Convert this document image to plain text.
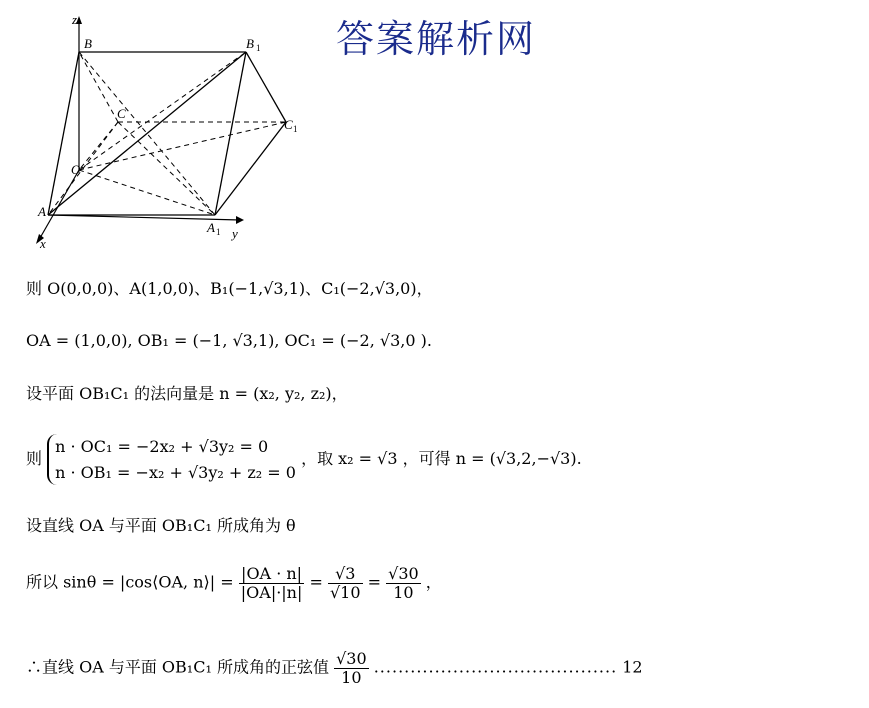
答案解析网
z
B	B 1
C
C 1
O
A
A 1
x
y
则 O(0,0,0)、A(1,0,0)、B₁(−1,√3,1)、C₁(−2,√3,0)，
OA = (1,0,0), OB₁ = (−1, √3,1), OC₁ = (−2, √3,0 ).
设平面 OB₁C₁ 的法向量是 n = (x₂, y₂, z₂)，
则
n · OC₁ = −2x₂ + √3y₂ = 0
n · OB₁ = −x₂ + √3y₂ + z₂ = 0
，取 x₂ = √3 ，可得 n = (√3,2,−√3).
设直线 OA 与平面 OB₁C₁ 所成角为 θ
所以 sinθ = |cos⟨OA, n⟩| = $\frac{|OA \cdot n|}{|OA|\cdot|n|} = \frac{√3}{√10} = \frac{√30}{10}$ ，
∴直线 OA 与平面 OB₁C₁ 所成角的正弦值 $\frac{√30}{10}$ ........................................ 12
